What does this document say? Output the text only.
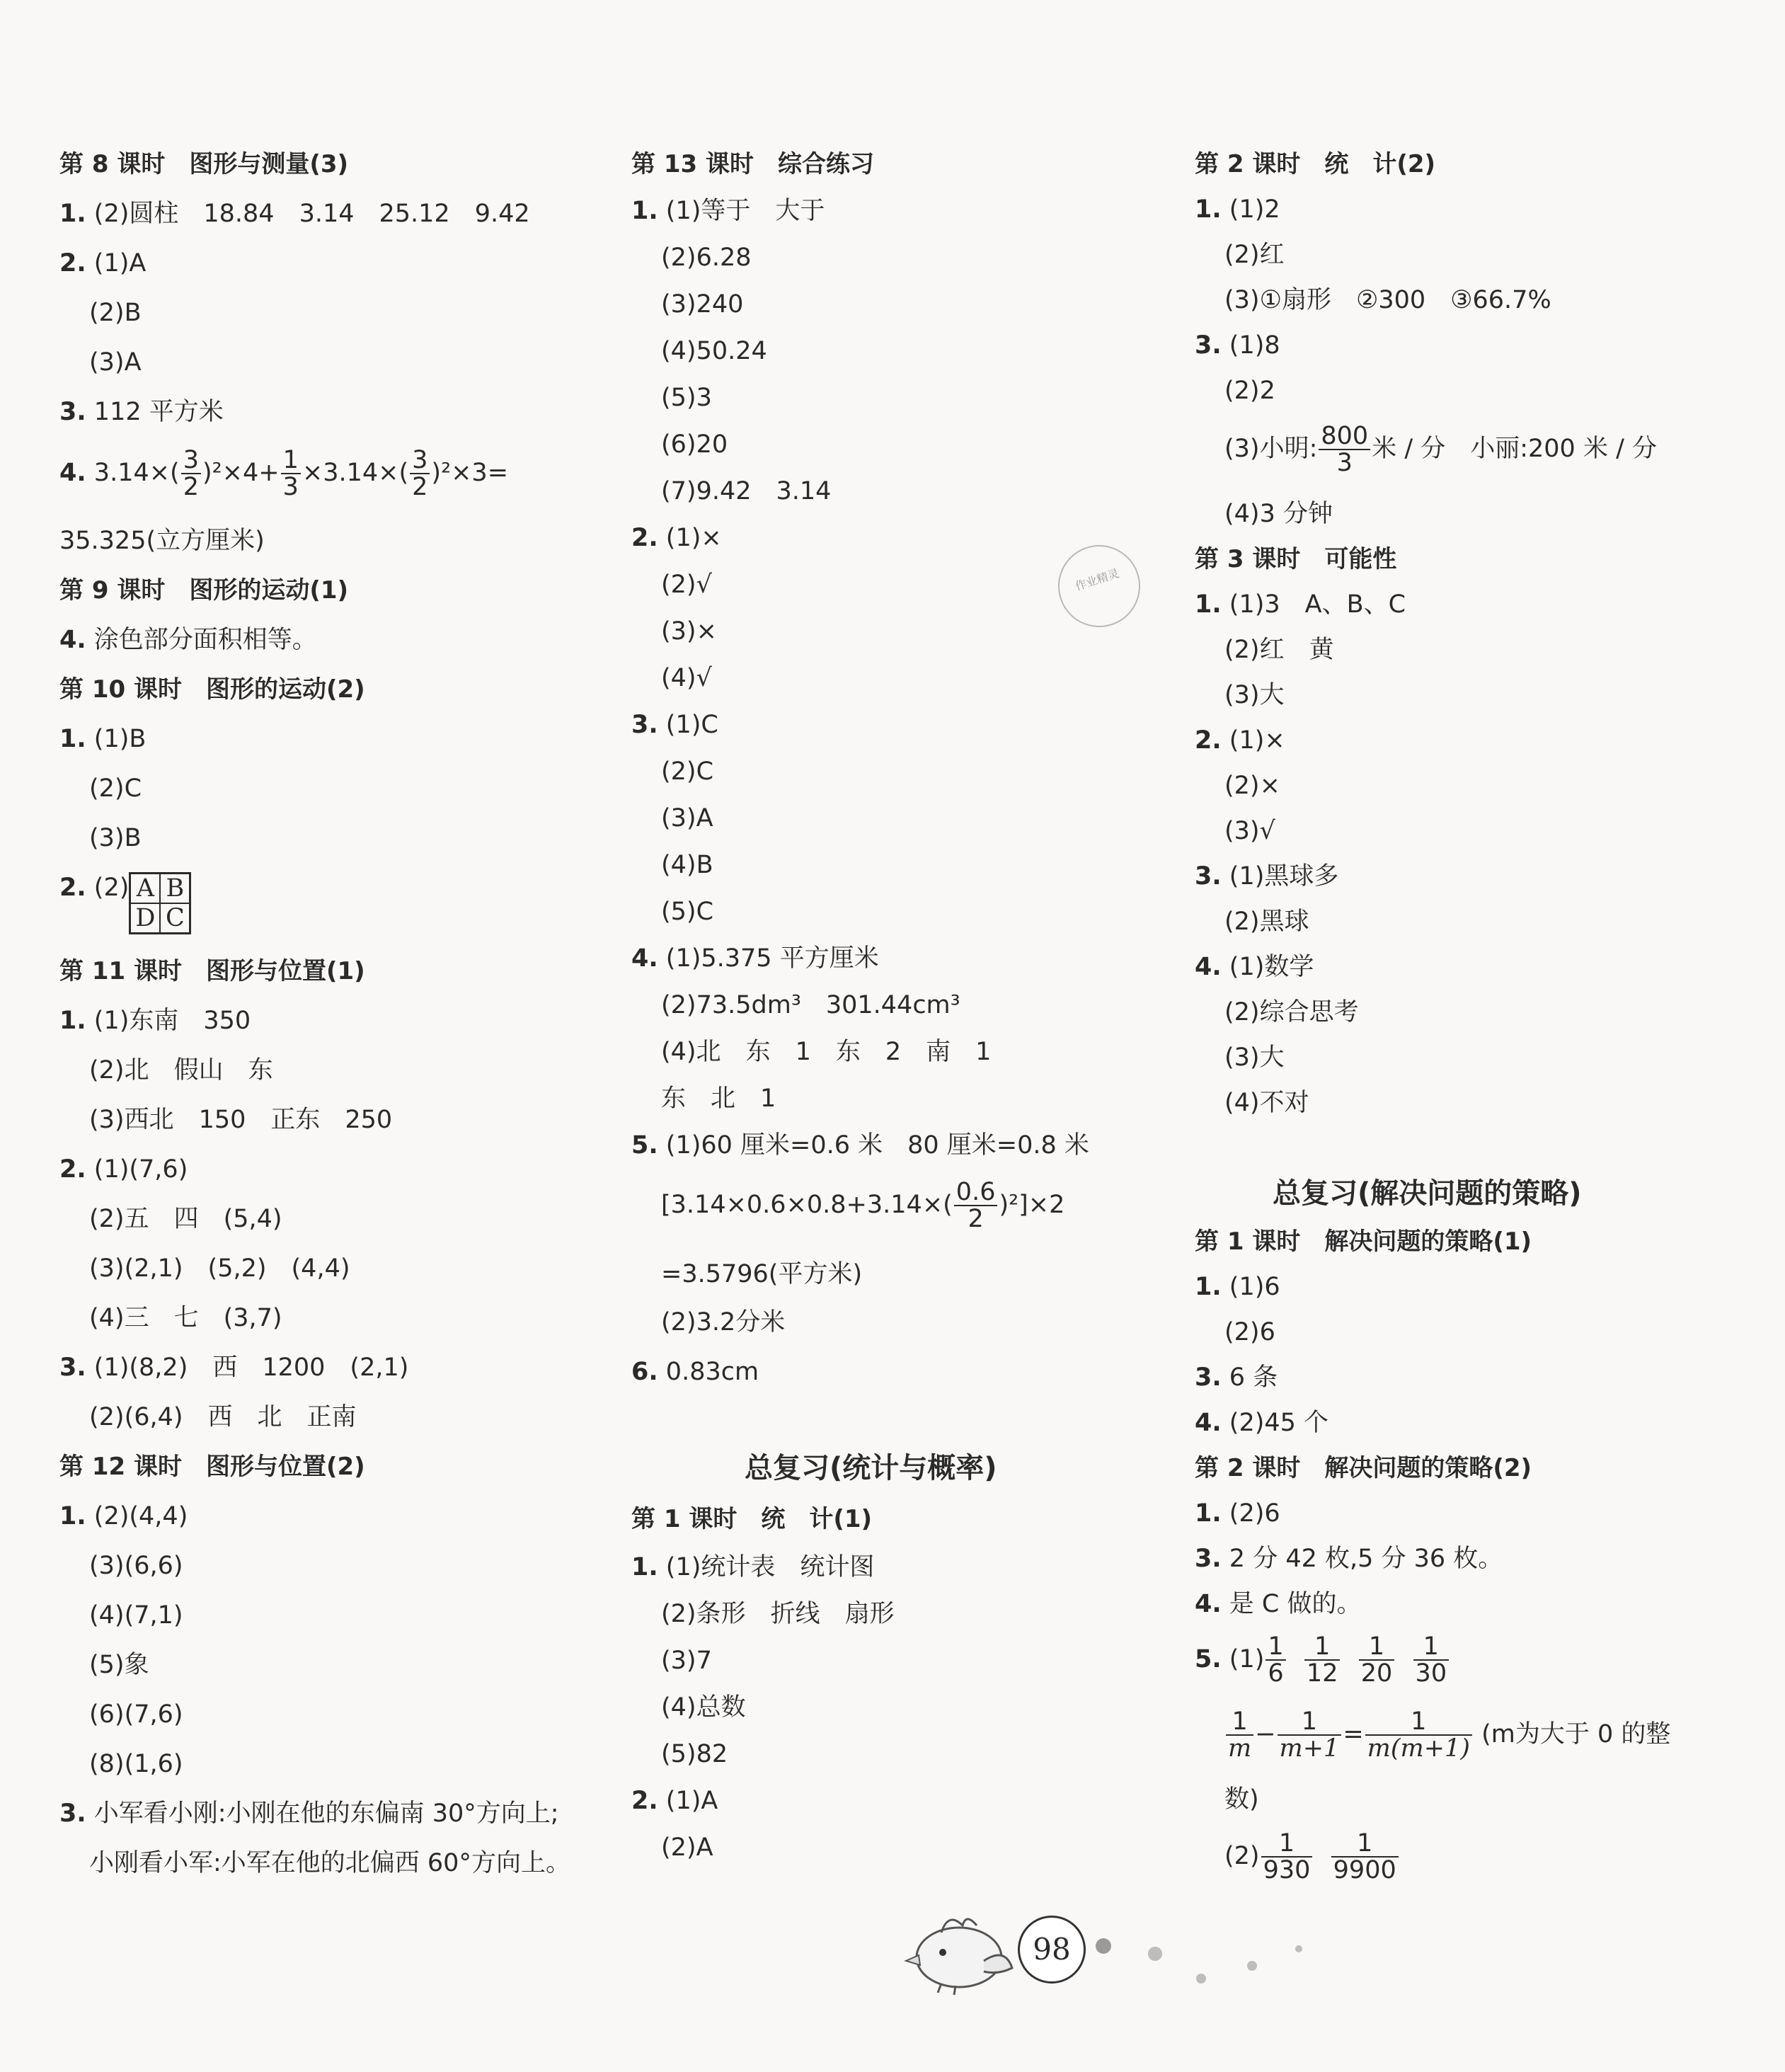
第 8 课时　图形与测量(3)
1. (2)圆柱　18.84　3.14　25.12　9.42
2. (1)A
(2)B
(3)A
3. 112 平方米
4. $3.14\times( \frac{3}{2} )^2\times 4+ \frac{1}{3} \times 3.14\times( \frac{3}{2} )^2\times 3=$
35.325(立方厘米)
第 9 课时　图形的运动(1)
4. 涂色部分面积相等。
第 10 课时　图形的运动(2)
1. (1)B
(2)C
(3)B
2. (2) A B
D C
第 11 课时　图形与位置(1)
1. (1)东南　350
(2)北　假山　东
(3)西北　150　正东　250
2. (1)(7,6)
(2)五　四　(5,4)
(3)(2,1)　(5,2)　(4,4)
(4)三　七　(3,7)
3. (1)(8,2)　西　1200　(2,1)
(2)(6,4)　西　北　正南
第 12 课时　图形与位置(2)
1. (2)(4,4)
(3)(6,6)
(4)(7,1)
(5)象
(6)(7,6)
(8)(1,6)
3. 小军看小刚:小刚在他的东偏南 30°方向上;
小刚看小军:小军在他的北偏西 60°方向上。
第 13 课时　综合练习
1. (1)等于　大于
(2)6.28
(3)240
(4)50.24
(5)3
(6)20
(7)9.42　3.14
2. (1)×
(2)√
(3)×
(4)√
3. (1)C
(2)C
(3)A
(4)B
(5)C
4. (1)5.375 平方厘米
(2)73.5dm³　301.44cm³
(4)北　东　1　东　2　南　1
东　北　1
5. (1)60 厘米=0.6 米　80 厘米=0.8 米
$[3.14\times 0.6\times 0.8+3.14\times( \frac{0.6}{2} )^2]\times 2$
=3.5796(平方米)
(2)3.2分米
6. 0.83cm
总复习(统计与概率)
第 1 课时　统　计(1)
1. (1)统计表　统计图
(2)条形　折线　扇形
(3)7
(4)总数
(5)82
2. (1)A
(2)A
第 2 课时　统　计(2)
1. (1)2
(2)红
(3)①扇形　②300　③66.7%
3. (1)8
(2)2
(3)小明: $\frac{800}{3}$ 米 / 分　小丽:200 米 / 分
(4)3 分钟
第 3 课时　可能性
1. (1)3　A、B、C
(2)红　黄
(3)大
2. (1)×
(2)×
(3)√
3. (1)黑球多
(2)黑球
4. (1)数学
(2)综合思考
(3)大
(4)不对
总复习(解决问题的策略)
第 1 课时　解决问题的策略(1)
1. (1)6
(2)6
3. 6 条
4. (2)45 个
第 2 课时　解决问题的策略(2)
1. (2)6
3. 2 分 42 枚,5 分 36 枚。
4. 是 C 做的。
5. $(1) \frac{1}{6}$
$\frac{1}{12}$
$\frac{1}{20}$
$\frac{1}{30}$
$\frac{1}{m} - \frac{1}{m+1} = \frac{1}{m(m+1)} (m$为大于 0 的整
数)
$(2) \frac{1}{930}$
$\frac{1}{9900}$
作业精灵
98
